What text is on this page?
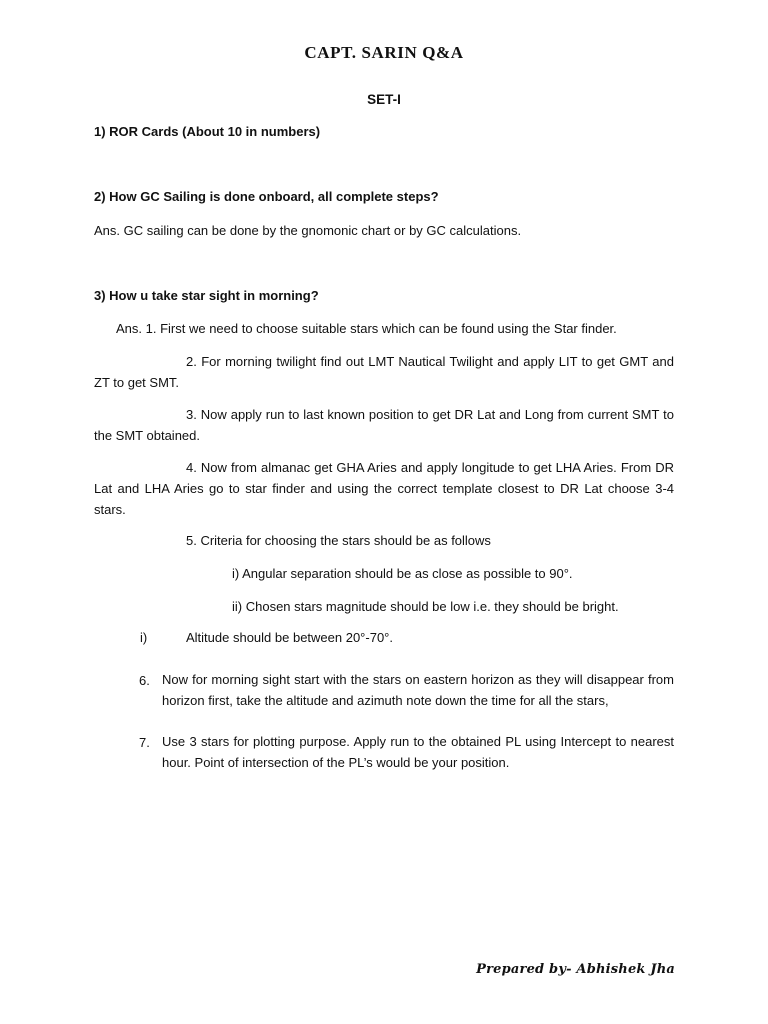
CAPT. SARIN Q&A
SET-I
1) ROR Cards (About 10 in numbers)
2) How GC Sailing is done onboard, all complete steps?
Ans. GC sailing can be done by the gnomonic chart or by GC calculations.
3) How u take star sight in morning?
Ans. 1. First we need to choose suitable stars which can be found using the Star finder.
2. For morning twilight find out LMT Nautical Twilight and apply LIT to get GMT and ZT to get SMT.
3. Now apply run to last known position to get DR Lat and Long from current SMT to the SMT obtained.
4. Now from almanac get GHA Aries and apply longitude to get LHA Aries. From DR Lat and LHA Aries go to star finder and using the correct template closest to DR Lat choose 3-4 stars.
5. Criteria for choosing the stars should be as follows
i) Angular separation should be as close as possible to 90°.
ii) Chosen stars magnitude should be low i.e. they should be bright.
i)	Altitude should be between 20°-70°.
6. Now for morning sight start with the stars on eastern horizon as they will disappear from horizon first, take the altitude and azimuth note down the time for all the stars,
7. Use 3 stars for plotting purpose. Apply run to the obtained PL using Intercept to nearest hour. Point of intersection of the PL’s would be your position.
Prepared by- Abhishek Jha
